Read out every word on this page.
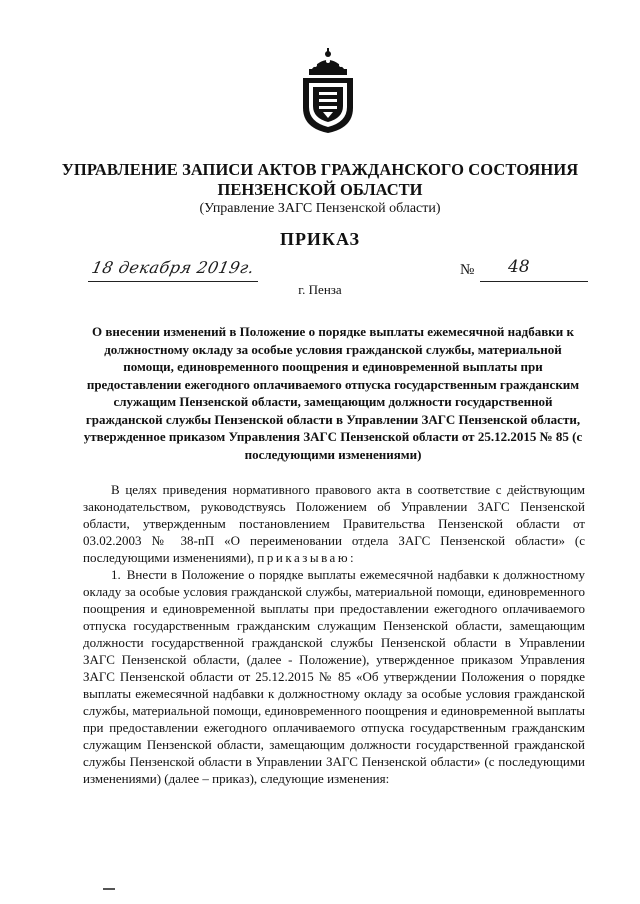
УПРАВЛЕНИЕ ЗАПИСИ АКТОВ ГРАЖДАНСКОГО СОСТОЯНИЯ
ПЕНЗЕНСКОЙ ОБЛАСТИ
(Управление ЗАГС Пензенской области)
ПРИКАЗ
18 декабря 2019г.	№ 48
г. Пенза
О внесении изменений в Положение о порядке выплаты ежемесячной надбавки к должностному окладу за особые условия гражданской службы, материальной помощи, единовременного поощрения и единовременной выплаты при предоставлении ежегодного оплачиваемого отпуска государственным гражданским служащим Пензенской области, замещающим должности государственной гражданской службы Пензенской области в Управлении ЗАГС Пензенской области, утвержденное приказом Управления ЗАГС Пензенской области от 25.12.2015 № 85 (с последующими изменениями)

В целях приведения нормативного правового акта в соответствие с действующим законодательством, руководствуясь Положением об Управлении ЗАГС Пензенской области, утвержденным постановлением Правительства Пензенской области от 03.02.2003 № 38-пП «О переименовании отдела ЗАГС Пензенской области» (с последующими изменениями), приказываю:

1. Внести в Положение о порядке выплаты ежемесячной надбавки к должностному окладу за особые условия гражданской службы, материальной помощи, единовременного поощрения и единовременной выплаты при предоставлении ежегодного оплачиваемого отпуска государственным гражданским служащим Пензенской области, замещающим должности государственной гражданской службы Пензенской области в Управлении ЗАГС Пензенской области, (далее - Положение), утвержденное приказом Управления ЗАГС Пензенской области от 25.12.2015 № 85 «Об утверждении Положения о порядке выплаты ежемесячной надбавки к должностному окладу за особые условия гражданской службы, материальной помощи, единовременного поощрения и единовременной выплаты при предоставлении ежегодного оплачиваемого отпуска государственным гражданским служащим Пензенской области, замещающим должности государственной гражданской службы Пензенской области в Управлении ЗАГС Пензенской области» (с последующими изменениями) (далее – приказ), следующие изменения:
